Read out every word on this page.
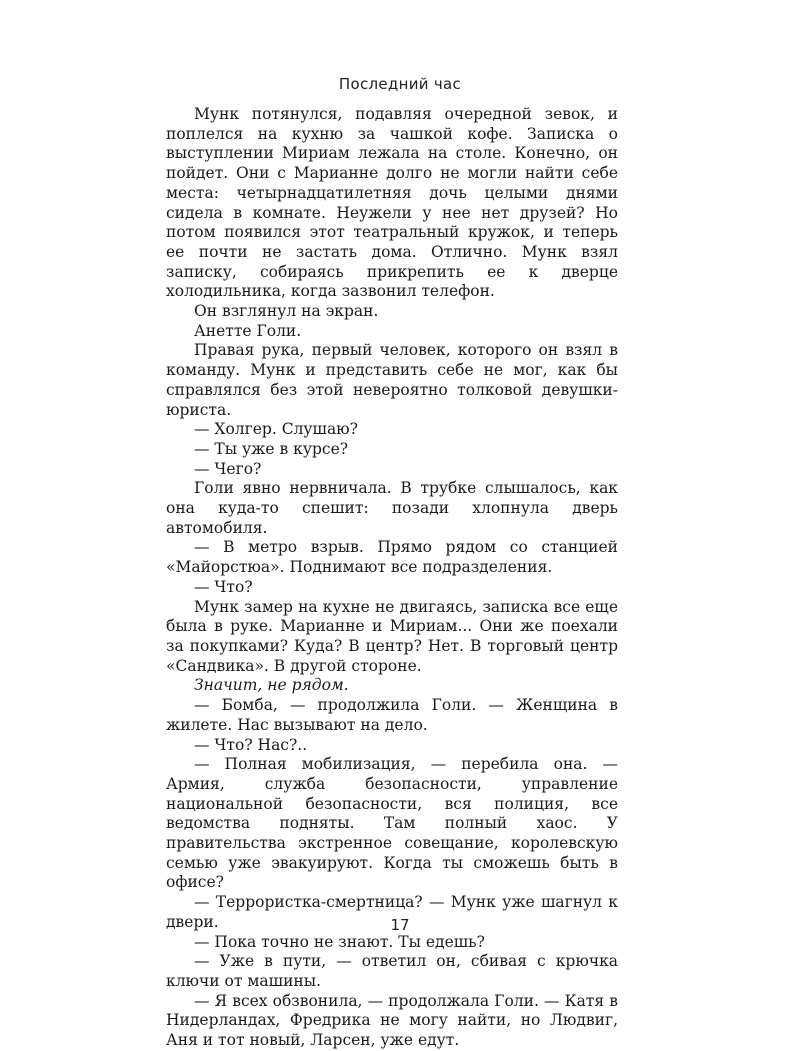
Последний час

Мунк потянулся, подавляя очередной зевок, и поплелся на кухню за чашкой кофе. Записка о выступлении Мириам лежала на столе. Конечно, он пойдет. Они с Марианне долго не могли найти себе места: четырнадцатилетняя дочь целыми днями сидела в комнате. Неужели у нее нет друзей? Но потом появился этот театральный кружок, и теперь ее почти не застать дома. Отлично. Мунк взял записку, собираясь прикрепить ее к дверце холодильника, когда зазвонил телефон.

Он взглянул на экран.

Анетте Голи.

Правая рука, первый человек, которого он взял в команду. Мунк и представить себе не мог, как бы справлялся без этой невероятно толковой девушки-юриста.

— Холгер. Слушаю?

— Ты уже в курсе?

— Чего?

Голи явно нервничала. В трубке слышалось, как она куда-то спешит: позади хлопнула дверь автомобиля.

— В метро взрыв. Прямо рядом со станцией «Майорстюа». Поднимают все подразделения.

— Что?

Мунк замер на кухне не двигаясь, записка все еще была в руке. Марианне и Мириам... Они же поехали за покупками? Куда? В центр? Нет. В торговый центр «Сандвика». В другой стороне.

Значит, не рядом.

— Бомба, — продолжила Голи. — Женщина в жилете. Нас вызывают на дело.

— Что? Нас?..

— Полная мобилизация, — перебила она. — Армия, служба безопасности, управление национальной безопасности, вся полиция, все ведомства подняты. Там полный хаос. У правительства экстренное совещание, королевскую семью уже эвакуируют. Когда ты сможешь быть в офисе?

— Террористка-смертница? — Мунк уже шагнул к двери.

— Пока точно не знают. Ты едешь?

— Уже в пути, — ответил он, сбивая с крючка ключи от машины.

— Я всех обзвонила, — продолжала Голи. — Катя в Нидерландах, Фредрика не могу найти, но Людвиг, Аня и тот новый, Ларсен, уже едут.

17
